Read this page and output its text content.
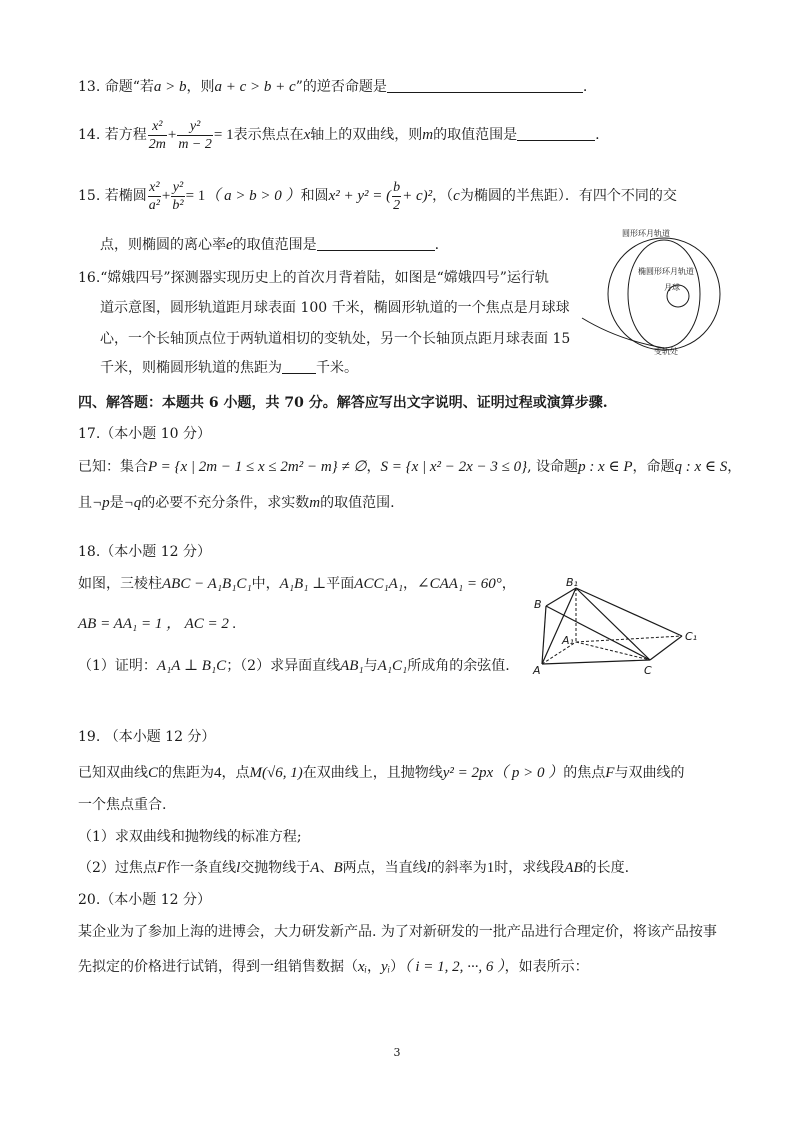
13. 命题“若a > b，则a + c > b + c”的逆否命题是	.
14. 若方程 $\frac{\text{x²}}{2m} + \frac{\text{y²}}{m - 2} = 1$表示焦点在x轴上的双曲线，则m的取值范围是	.
15. 若椭圆 $\frac{\text{x²}}{\text{a²}} + \frac{\text{y²}}{\text{b²}} = 1$（ a > b > 0 ）和圆x² + y² = ( $\frac{b}{2} + c)^2$，（c为椭圆的半焦距）．有四个不同的交
点，则椭圆的离心率e的取值范围是	.
16.“嫦娥四号”探测器实现历史上的首次月背着陆，如图是“嫦娥四号”运行轨
道示意图，圆形轨道距月球表面 100 千米，椭圆形轨道的一个焦点是月球球
心，一个长轴顶点位于两轨道相切的变轨处，另一个长轴顶点距月球表面 15
千米，则椭圆形轨道的焦距为 千米。
圆形环月轨道
椭圆形环月轨道
月球
变轨处
四、解答题：本题共 6 小题，共 70 分。解答应写出文字说明、证明过程或演算步骤.
17.（本小题 10 分）
已知：集合P = {x | 2m − 1 ≤ x ≤ 2m² − m} ≠ ∅，S = {x | x² − 2x − 3 ≤ 0}, 设命题p : x ∈ P，命题q : x ∈ S，
且¬p是¬q的必要不充分条件，求实数m的取值范围.
18.（本小题 12 分）
如图，三棱柱ABC − A₁B₁C₁中，A₁B₁ ⊥平面ACC₁A₁，∠CAA₁ = 60°，
AB = AA₁ = 1 ， AC = 2 .
（1）证明：A₁A ⊥ B₁C；（2）求异面直线AB₁与A₁C₁所成角的余弦值.
B₁
B
A₁	C₁
A	C
19. （本小题 12 分）
已知双曲线C的焦距为4，点M(√6, 1)在双曲线上，且抛物线y² = 2px（ p > 0 ）的焦点F与双曲线的
一个焦点重合.
（1）求双曲线和抛物线的标准方程;
（2）过焦点F作一条直线l交抛物线于A、B两点，当直线l的斜率为1时，求线段AB的长度.
20.（本小题 12 分）
某企业为了参加上海的进博会，大力研发新产品. 为了对新研发的一批产品进行合理定价，将该产品按事
先拟定的价格进行试销，得到一组销售数据（xᵢ，yᵢ）（ i = 1, 2, ···, 6 ），如表所示：
3
